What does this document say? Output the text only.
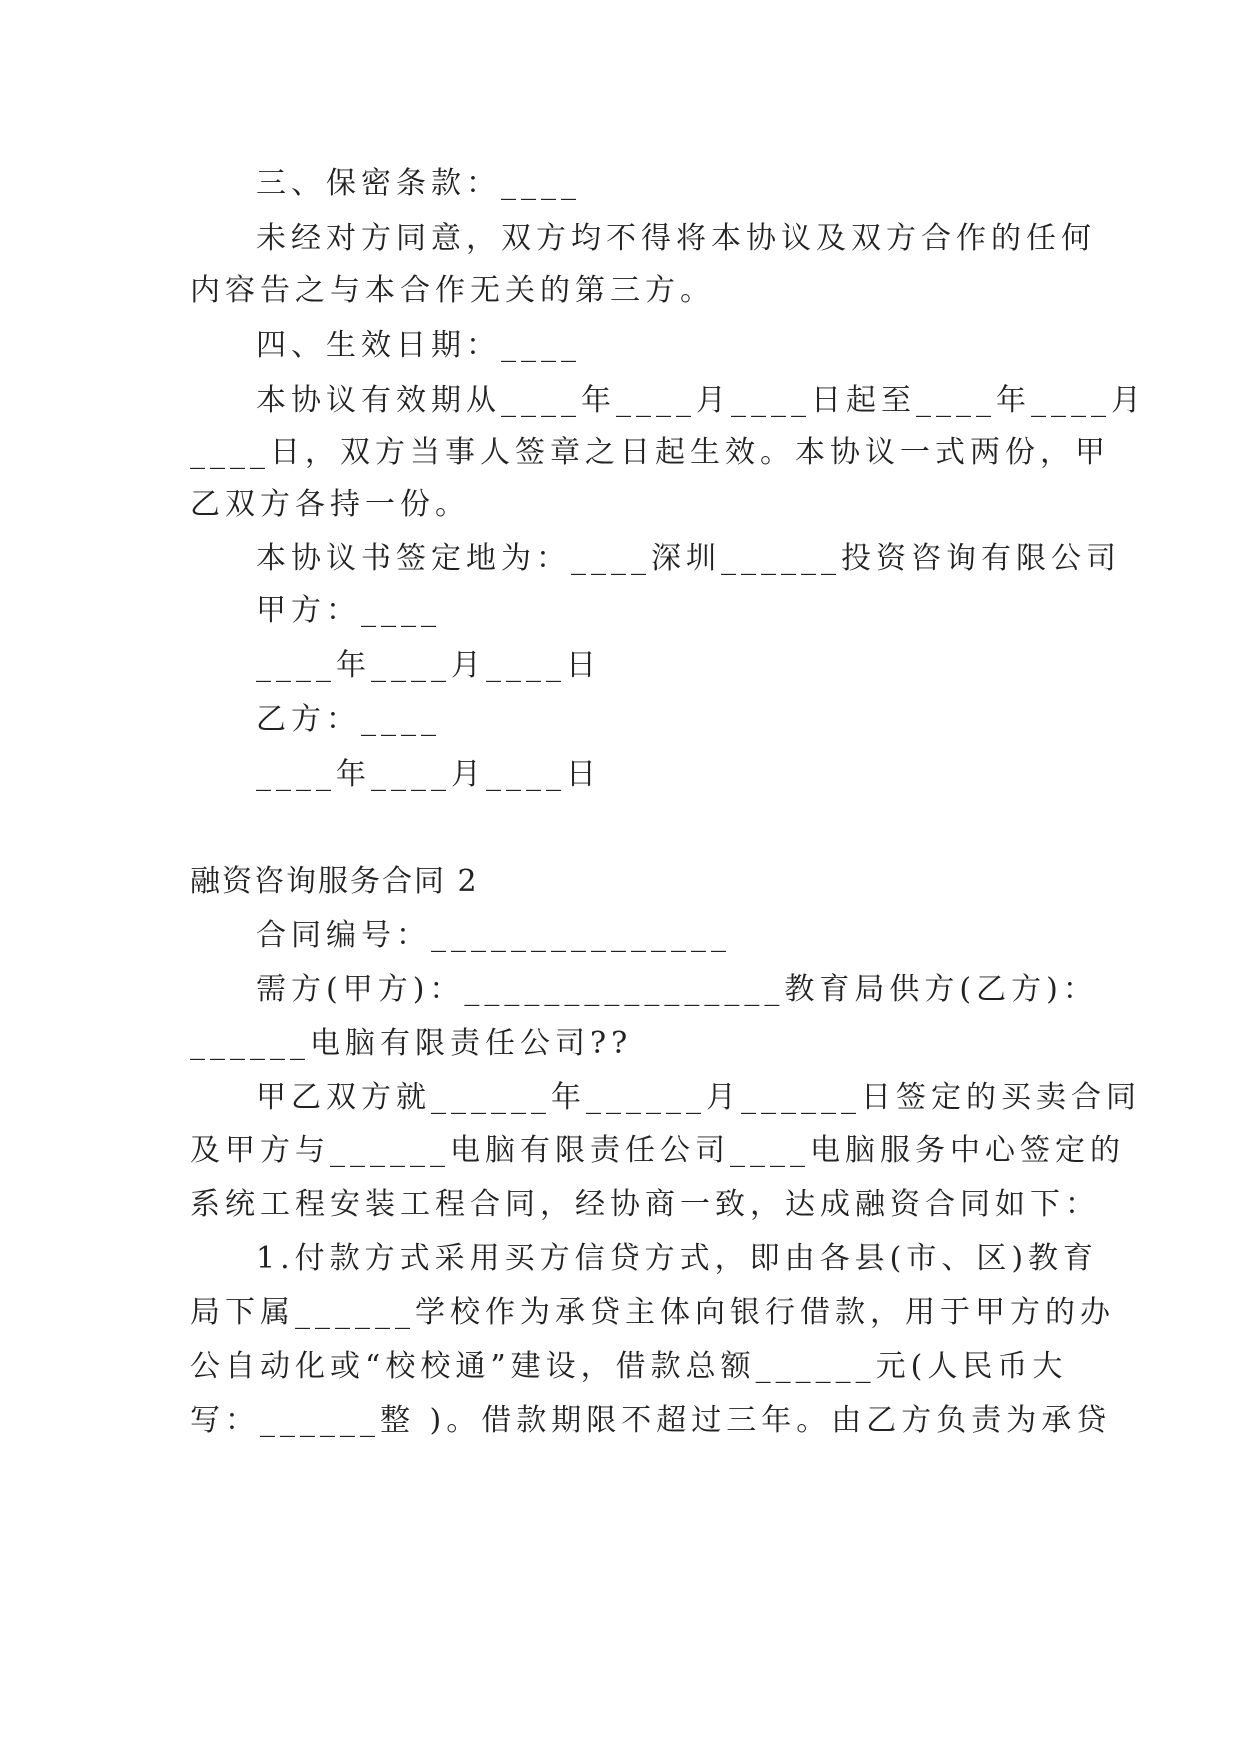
三、保密条款：____
未经对方同意，双方均不得将本协议及双方合作的任何
内容告之与本合作无关的第三方。
四、生效日期：____
本协议有效期从____年____月____日起至____年____月
____日，双方当事人签章之日起生效。本协议一式两份，甲
乙双方各持一份。
本协议书签定地为：____深圳______投资咨询有限公司
甲方：____
____年____月____日
乙方：____
____年____月____日
融资咨询服务合同 2
合同编号：_______________
需方(甲方)：________________教育局供方(乙方)：
______电脑有限责任公司??
甲乙双方就______年______月______日签定的买卖合同
及甲方与______电脑有限责任公司____电脑服务中心签定的
系统工程安装工程合同，经协商一致，达成融资合同如下：
1.付款方式采用买方信贷方式，即由各县(市、区)教育
局下属______学校作为承贷主体向银行借款，用于甲方的办
公自动化或“校校通”建设，借款总额______元(人民币大
写：______整 )。借款期限不超过三年。由乙方负责为承贷
